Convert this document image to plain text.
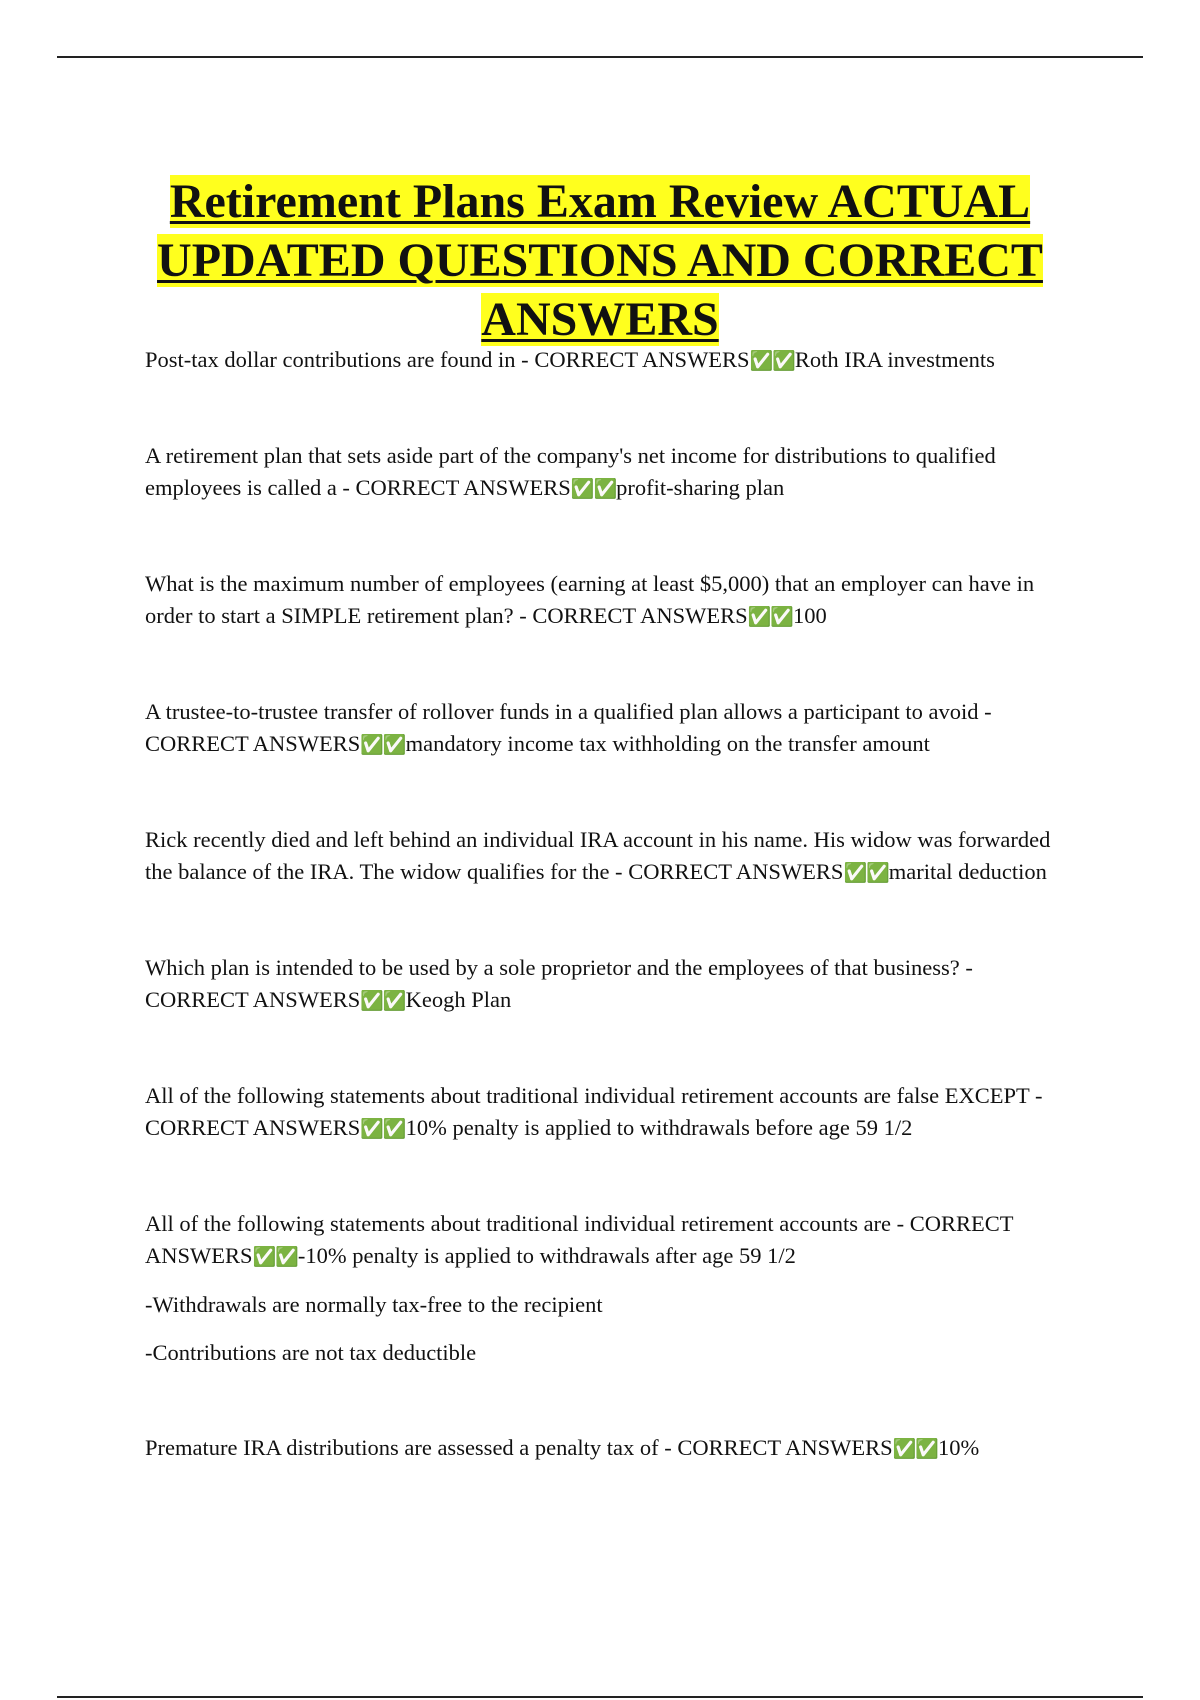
Retirement Plans Exam Review ACTUAL UPDATED QUESTIONS AND CORRECT ANSWERS

Post-tax dollar contributions are found in - CORRECT ANSWERS✅✅Roth IRA investments

A retirement plan that sets aside part of the company's net income for distributions to qualified employees is called a - CORRECT ANSWERS✅✅profit-sharing plan

What is the maximum number of employees (earning at least $5,000) that an employer can have in order to start a SIMPLE retirement plan? - CORRECT ANSWERS✅✅100

A trustee-to-trustee transfer of rollover funds in a qualified plan allows a participant to avoid - CORRECT ANSWERS✅✅mandatory income tax withholding on the transfer amount

Rick recently died and left behind an individual IRA account in his name. His widow was forwarded the balance of the IRA. The widow qualifies for the - CORRECT ANSWERS✅✅marital deduction

Which plan is intended to be used by a sole proprietor and the employees of that business? - CORRECT ANSWERS✅✅Keogh Plan

All of the following statements about traditional individual retirement accounts are false EXCEPT - CORRECT ANSWERS✅✅10% penalty is applied to withdrawals before age 59 1/2

All of the following statements about traditional individual retirement accounts are - CORRECT ANSWERS✅✅-10% penalty is applied to withdrawals after age 59 1/2

-Withdrawals are normally tax-free to the recipient

-Contributions are not tax deductible

Premature IRA distributions are assessed a penalty tax of - CORRECT ANSWERS✅✅10%
